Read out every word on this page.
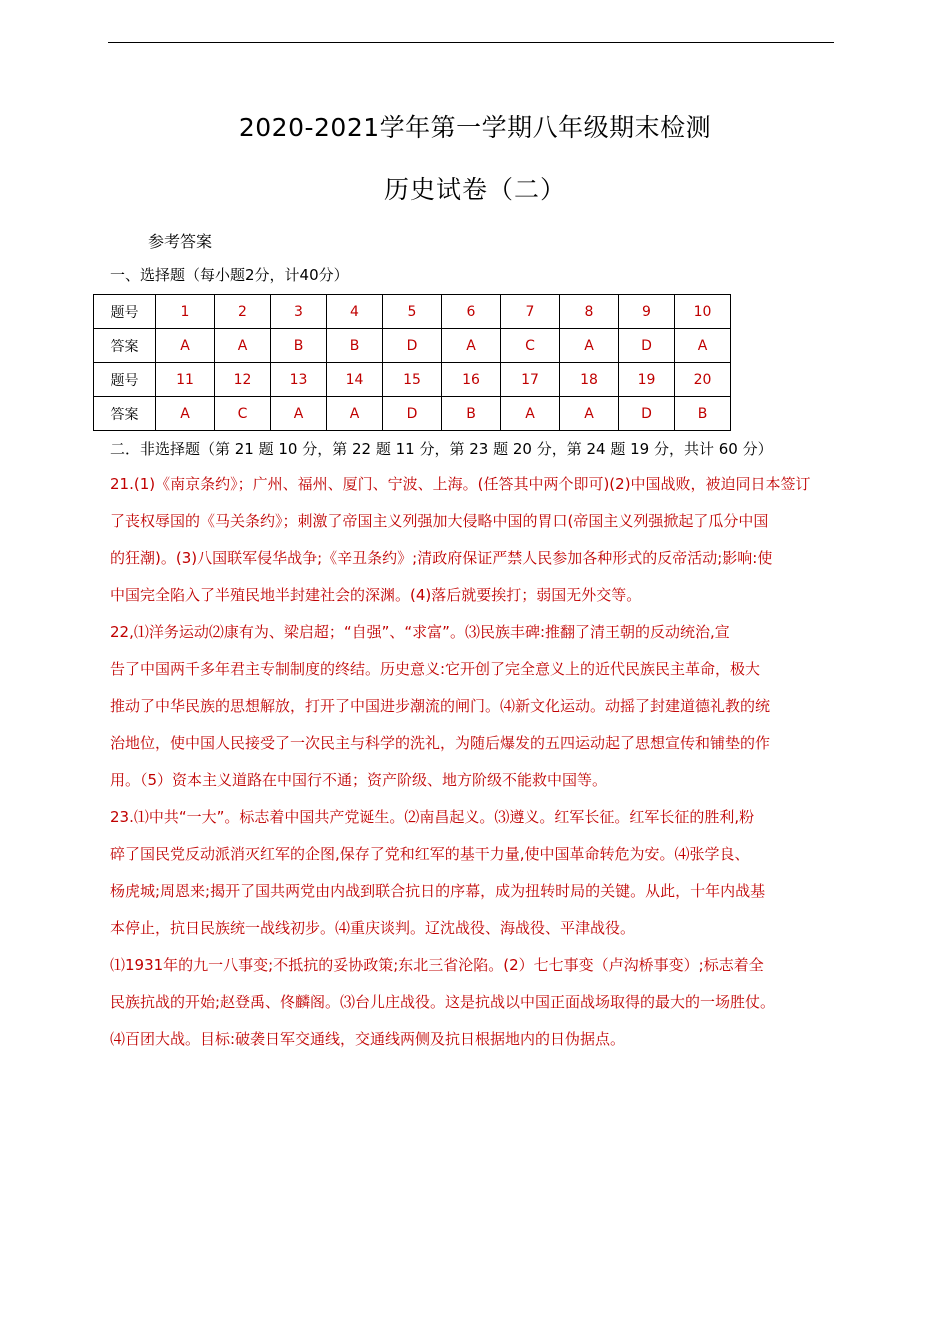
2020-2021学年第一学期八年级期末检测
历史试卷（二）
参考答案
一、选择题（每小题2分，计40分）
题号	1	2	3	4	5	6	7	8	9	10
答案	A	A	B	B	D	A	C	A	D	A
题号	11	12	13	14	15	16	17	18	19	20
答案	A	C	A	A	D	B	A	A	D	B
二．非选择题（第 21 题 10 分，第 22 题 11 分，第 23 题 20 分，第 24 题 19 分，共计 60 分）

21.(1)《南京条约》；广州、福州、厦门、宁波、上海。(任答其中两个即可)(2)中国战败，被迫同日本签订

了丧权辱国的《马关条约》；刺激了帝国主义列强加大侵略中国的胃口(帝国主义列强掀起了瓜分中国

的狂潮)。(3)八国联军侵华战争;《辛丑条约》;清政府保证严禁人民参加各种形式的反帝活动;影响:使

中国完全陷入了半殖民地半封建社会的深渊。(4)落后就要挨打；弱国无外交等。

22,⑴洋务运动⑵康有为、梁启超；“自强”、“求富”。⑶民族丰碑:推翻了清王朝的反动统治,宣

告了中国两千多年君主专制制度的终结。历史意义:它开创了完全意义上的近代民族民主革命，极大

推动了中华民族的思想解放，打开了中国进步潮流的闸门。⑷新文化运动。动摇了封建道德礼教的统

治地位，使中国人民接受了一次民主与科学的洗礼，为随后爆发的五四运动起了思想宣传和铺垫的作

用。（5）资本主义道路在中国行不通；资产阶级、地方阶级不能救中国等。

23.⑴中共“一大”。标志着中国共产党诞生。⑵南昌起义。⑶遵义。红军长征。红军长征的胜利,粉

碎了国民党反动派消灭红军的企图,保存了党和红军的基干力量,使中国革命转危为安。⑷张学良、

杨虎城;周恩来;揭开了国共两党由内战到联合抗日的序幕，成为扭转时局的关键。从此，十年内战基

本停止，抗日民族统一战线初步。⑷重庆谈判。辽沈战役、海战役、平津战役。

⑴1931年的九一八事变;不抵抗的妥协政策;东北三省沦陷。(2）七七事变（卢沟桥事变）;标志着全

民族抗战的开始;赵登禹、佟麟阁。⑶台儿庄战役。这是抗战以中国正面战场取得的最大的一场胜仗。

⑷百团大战。目标:破袭日军交通线，交通线两侧及抗日根据地内的日伪据点。
